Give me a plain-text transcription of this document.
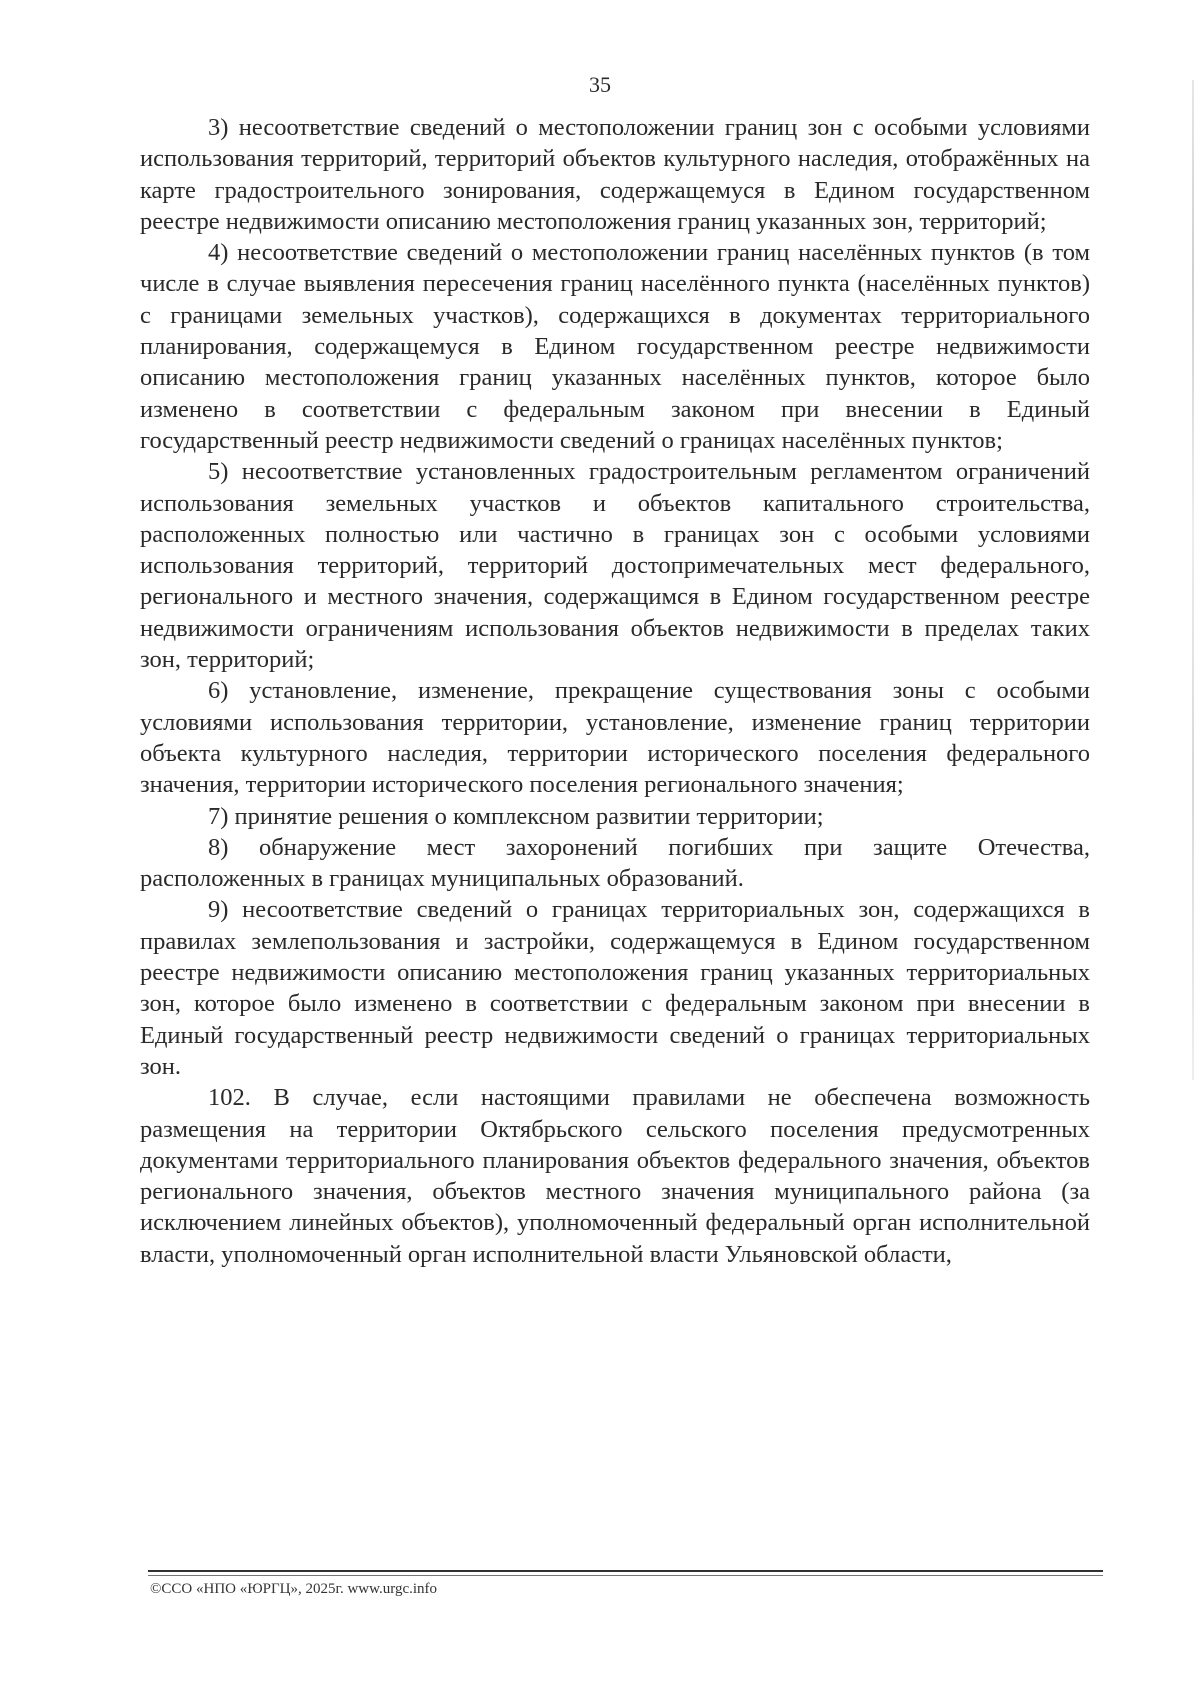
35

3) несоответствие сведений о местоположении границ зон с особыми условиями использования территорий, территорий объектов культурного наследия, отображённых на карте градостроительного зонирования, содержащемуся в Едином государственном реестре недвижимости описанию местоположения границ указанных зон, территорий;

4) несоответствие сведений о местоположении границ населённых пунктов (в том числе в случае выявления пересечения границ населённого пункта (населённых пунктов) с границами земельных участков), содержащихся в документах территориального планирования, содержащемуся в Едином государственном реестре недвижимости описанию местоположения границ указанных населённых пунктов, которое было изменено в соответствии с федеральным законом при внесении в Единый государственный реестр недвижимости сведений о границах населённых пунктов;

5) несоответствие установленных градостроительным регламентом ограничений использования земельных участков и объектов капитального строительства, расположенных полностью или частично в границах зон с особыми условиями использования территорий, территорий достопримечательных мест федерального, регионального и местного значения, содержащимся в Едином государственном реестре недвижимости ограничениям использования объектов недвижимости в пределах таких зон, территорий;

6) установление, изменение, прекращение существования зоны с особыми условиями использования территории, установление, изменение границ территории объекта культурного наследия, территории исторического поселения федерального значения, территории исторического поселения регионального значения;

7) принятие решения о комплексном развитии территории;

8) обнаружение мест захоронений погибших при защите Отечества, расположенных в границах муниципальных образований.

9) несоответствие сведений о границах территориальных зон, содержащихся в правилах землепользования и застройки, содержащемуся в Едином государственном реестре недвижимости описанию местоположения границ указанных территориальных зон, которое было изменено в соответствии с федеральным законом при внесении в Единый государственный реестр недвижимости сведений о границах территориальных зон.

102. В случае, если настоящими правилами не обеспечена возможность размещения на территории Октябрьского сельского поселения предусмотренных документами территориального планирования объектов федерального значения, объектов регионального значения, объектов местного значения муниципального района (за исключением линейных объектов), уполномоченный федеральный орган исполнительной власти, уполномоченный орган исполнительной власти Ульяновской области,

©ССО «НПО «ЮРГЦ», 2025г. www.urgc.info
